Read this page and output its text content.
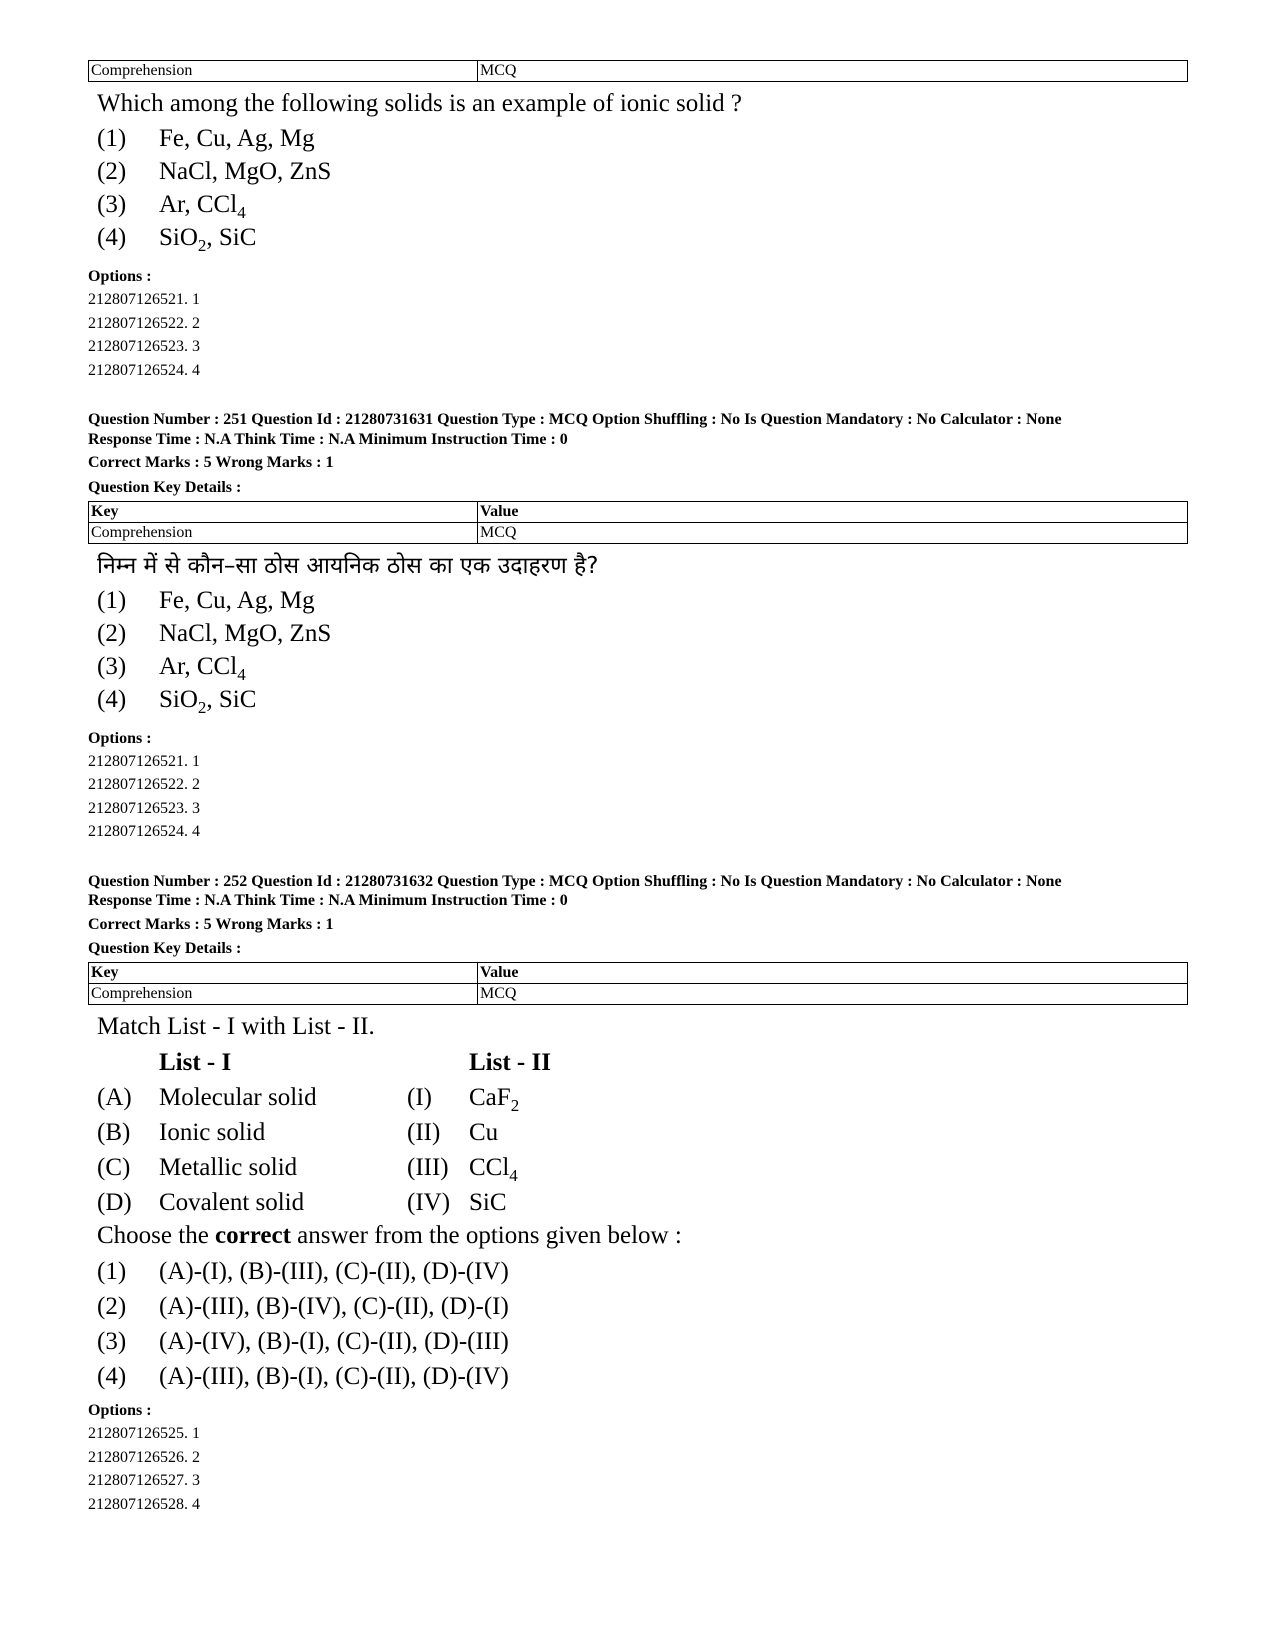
Comprehension	MCQ
Which among the following solids is an example of ionic solid ?
(1)	Fe, Cu, Ag, Mg
(2)	NaCl, MgO, ZnS
(3)	Ar, CCl$_4$
(4)	SiO$_2$, SiC
Options :
212807126521. 1
212807126522. 2
212807126523. 3
212807126524. 4
Question Number : 251 Question Id : 21280731631 Question Type : MCQ Option Shuffling : No Is Question Mandatory : No Calculator : None
Response Time : N.A Think Time : N.A Minimum Instruction Time : 0
Correct Marks : 5 Wrong Marks : 1
Question Key Details :
Key	Value
Comprehension	MCQ
निम्न में से कौन–सा ठोस आयनिक ठोस का एक उदाहरण है?
(1)	Fe, Cu, Ag, Mg
(2)	NaCl, MgO, ZnS
(3)	Ar, CCl$_4$
(4)	SiO$_2$, SiC
Options :
212807126521. 1
212807126522. 2
212807126523. 3
212807126524. 4
Question Number : 252 Question Id : 21280731632 Question Type : MCQ Option Shuffling : No Is Question Mandatory : No Calculator : None
Response Time : N.A Think Time : N.A Minimum Instruction Time : 0
Correct Marks : 5 Wrong Marks : 1
Question Key Details :
Key	Value
Comprehension	MCQ
Match List - I with List - II.
List - I	List - II
(A)	Molecular solid	(I)	CaF$_2$
(B)	Ionic solid	(II)	Cu
(C)	Metallic solid	(III) CCl$_4$
(D)	Covalent solid	(IV) SiC
Choose the correct answer from the options given below :
(1)	(A)-(I), (B)-(III), (C)-(II), (D)-(IV)
(2)	(A)-(III), (B)-(IV), (C)-(II), (D)-(I)
(3)	(A)-(IV), (B)-(I), (C)-(II), (D)-(III)
(4)	(A)-(III), (B)-(I), (C)-(II), (D)-(IV)
Options :
212807126525. 1
212807126526. 2
212807126527. 3
212807126528. 4
